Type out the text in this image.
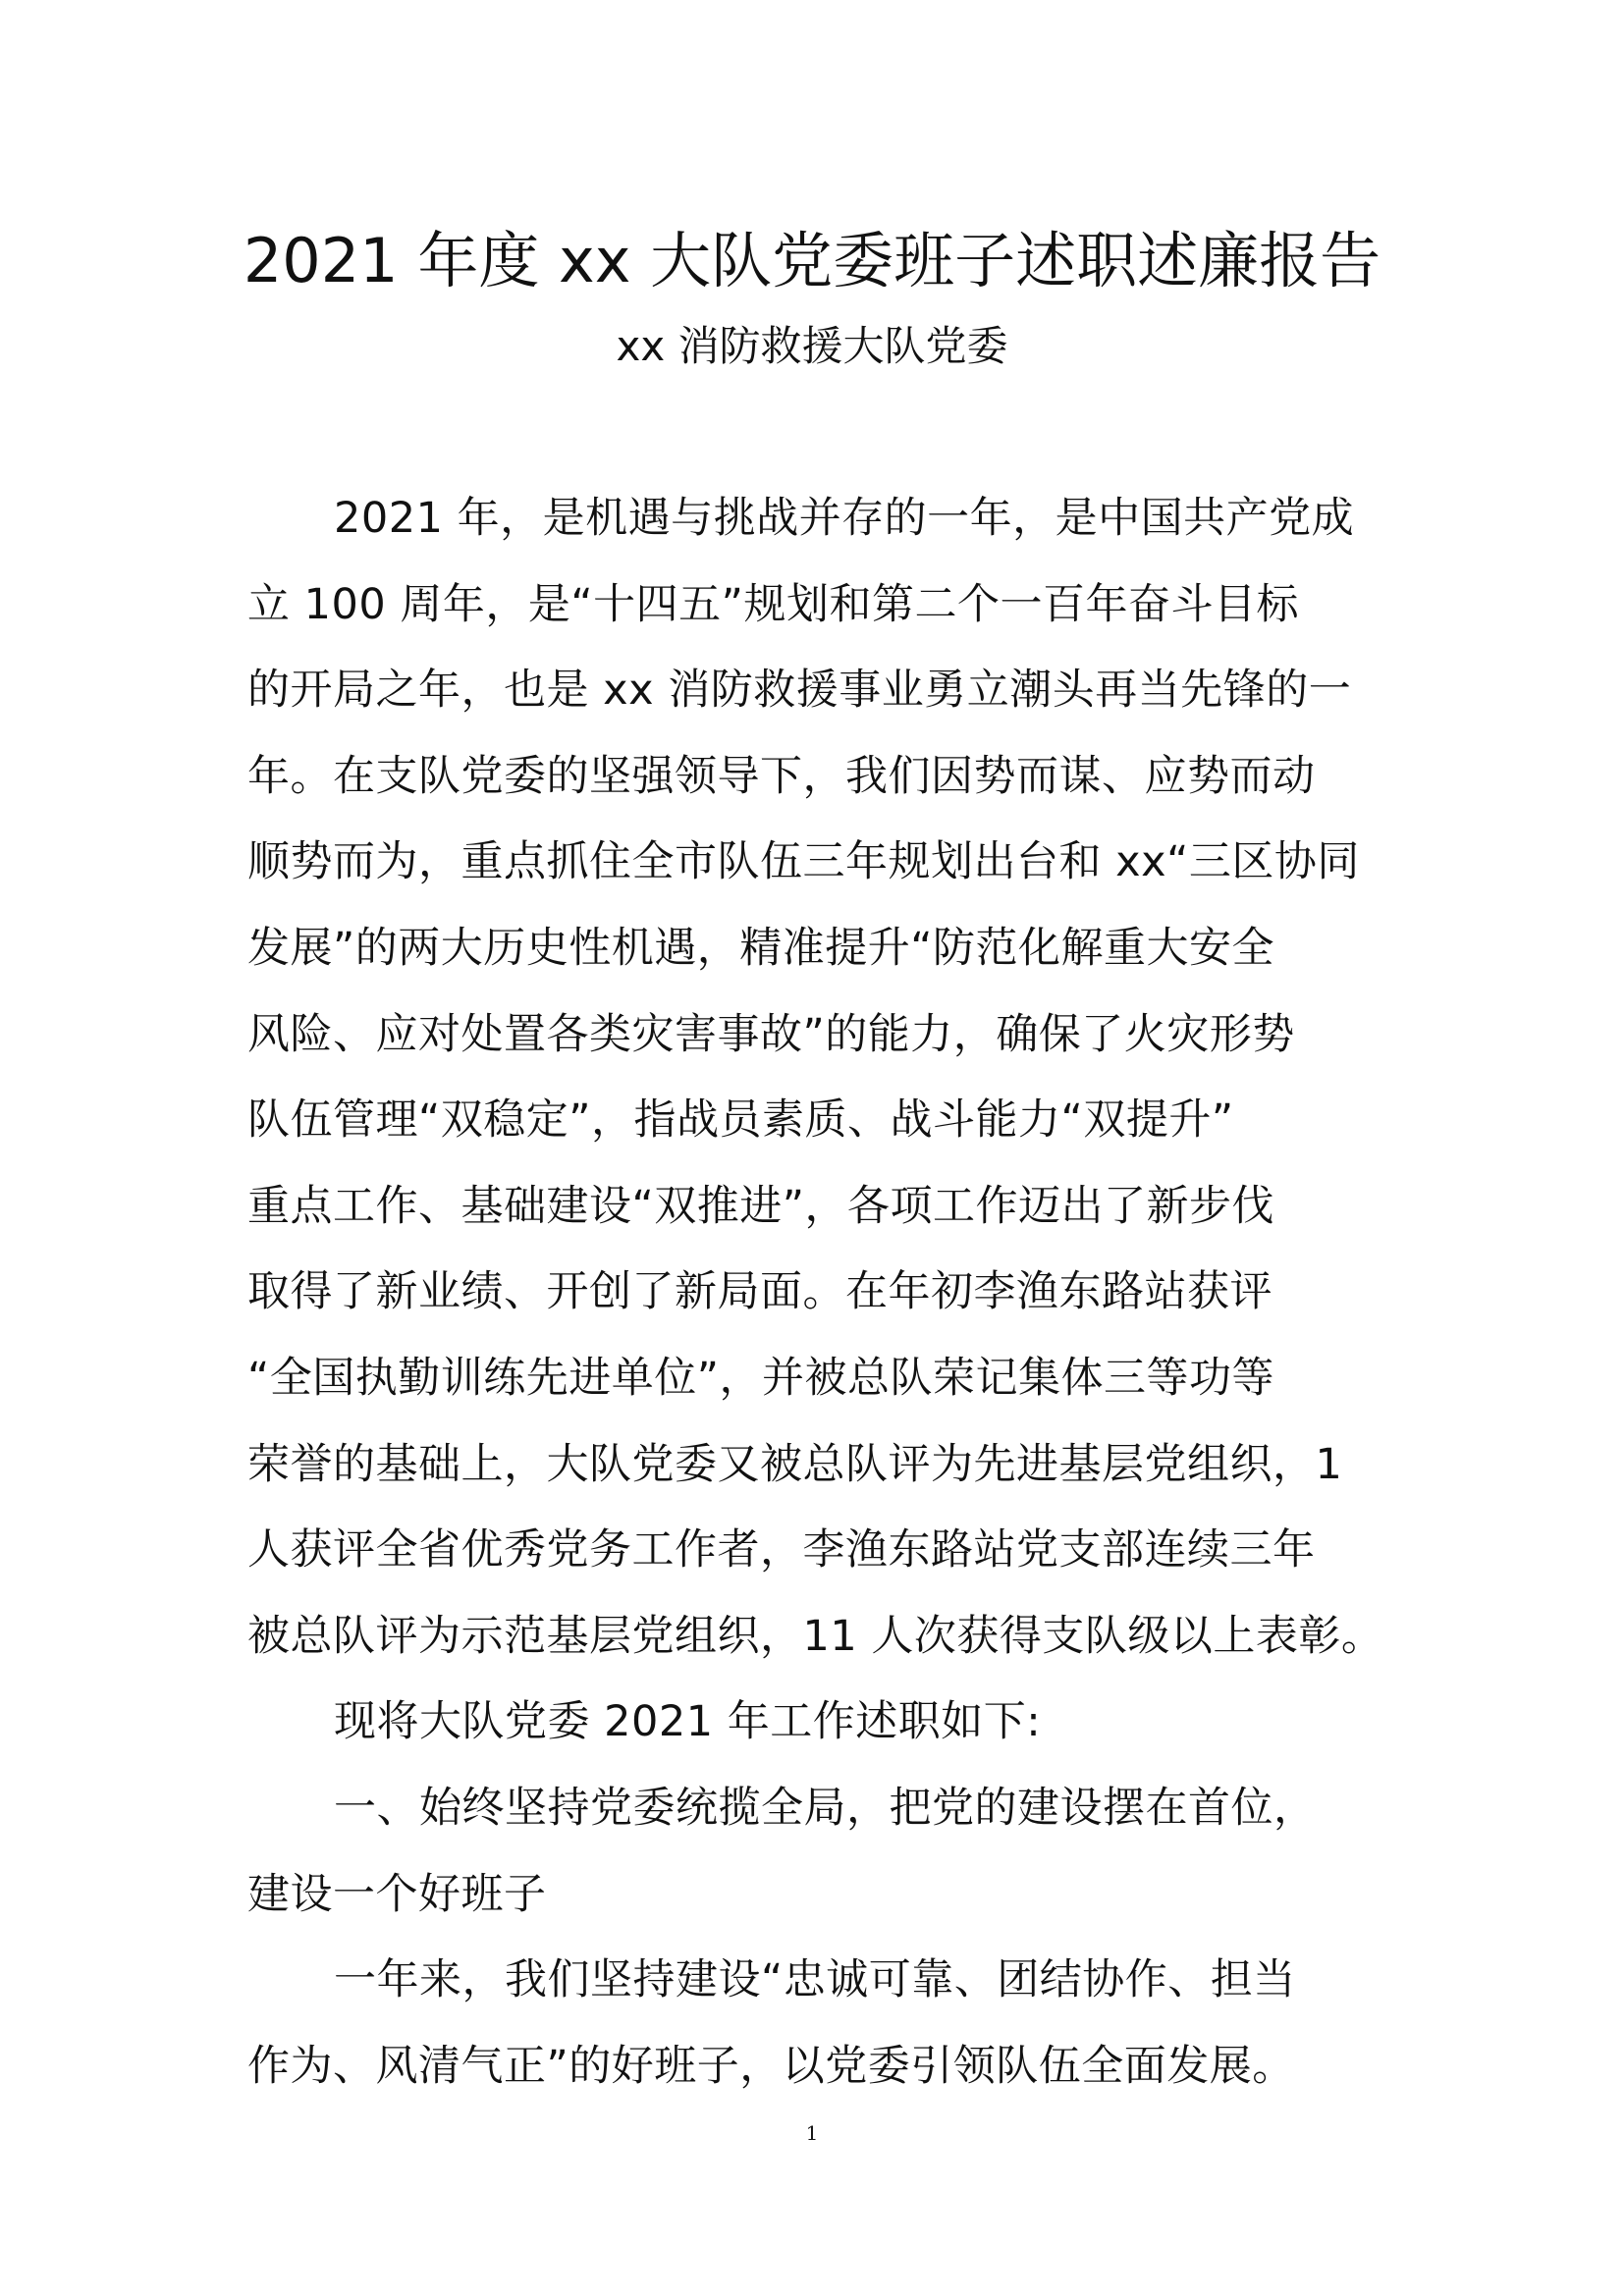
2021 年度 xx 大队党委班子述职述廉报告
xx 消防救援大队党委
2021 年，是机遇与挑战并存的一年，是中国共产党成
立 100 周年，是“十四五”规划和第二个一百年奋斗目标
的开局之年，也是 xx 消防救援事业勇立潮头再当先锋的一
年。在支队党委的坚强领导下，我们因势而谋、应势而动
顺势而为，重点抓住全市队伍三年规划出台和 xx“三区协同
发展”的两大历史性机遇，精准提升“防范化解重大安全
风险、应对处置各类灾害事故”的能力，确保了火灾形势
队伍管理“双稳定”，指战员素质、战斗能力“双提升”
重点工作、基础建设“双推进”，各项工作迈出了新步伐
取得了新业绩、开创了新局面。在年初李渔东路站获评
“全国执勤训练先进单位”，并被总队荣记集体三等功等
荣誉的基础上，大队党委又被总队评为先进基层党组织，1
人获评全省优秀党务工作者，李渔东路站党支部连续三年
被总队评为示范基层党组织，11 人次获得支队级以上表彰。
现将大队党委 2021 年工作述职如下:
一、始终坚持党委统揽全局，把党的建设摆在首位，
建设一个好班子
一年来，我们坚持建设“忠诚可靠、团结协作、担当
作为、风清气正”的好班子，以党委引领队伍全面发展。
1
